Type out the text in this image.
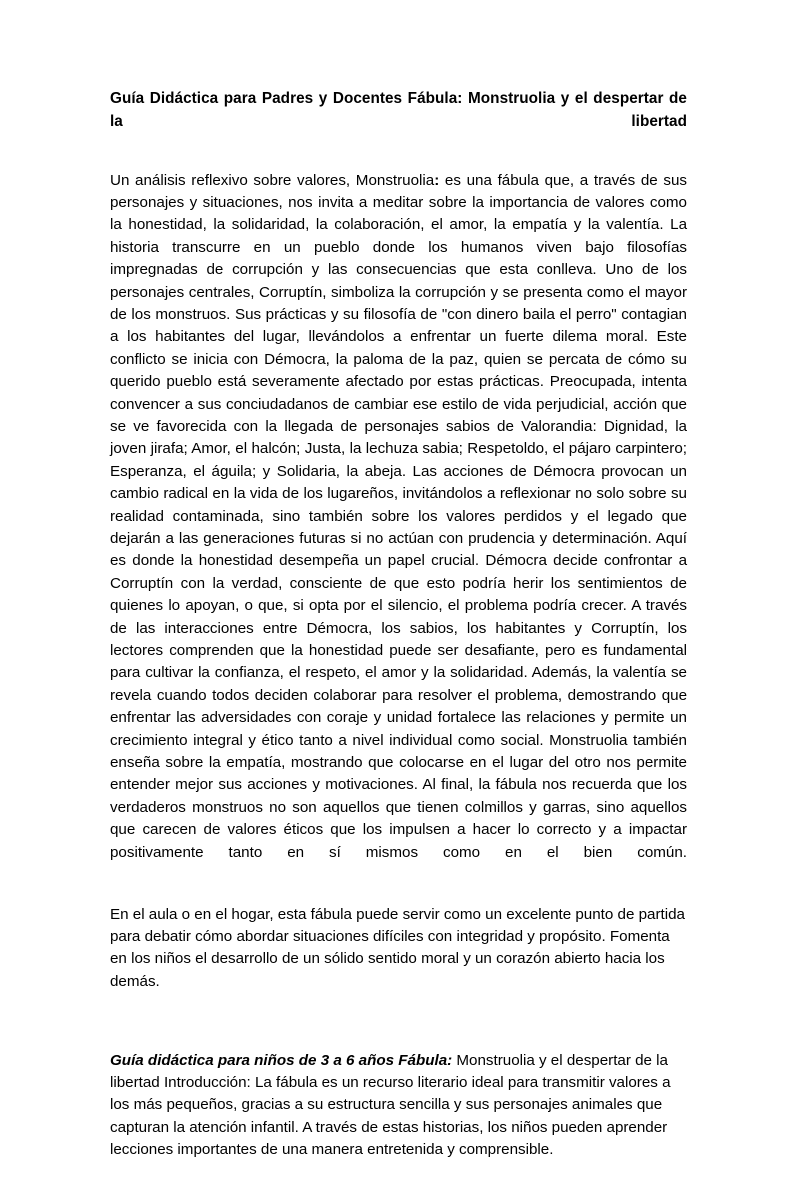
Guía Didáctica para Padres y Docentes Fábula: Monstruolia y el despertar de la libertad

Un análisis reflexivo sobre valores, Monstruolia: es una fábula que, a través de sus personajes y situaciones, nos invita a meditar sobre la importancia de valores como la honestidad, la solidaridad, la colaboración, el amor, la empatía y la valentía. La historia transcurre en un pueblo donde los humanos viven bajo filosofías impregnadas de corrupción y las consecuencias que esta conlleva. Uno de los personajes centrales, Corruptín, simboliza la corrupción y se presenta como el mayor de los monstruos. Sus prácticas y su filosofía de "con dinero baila el perro" contagian a los habitantes del lugar, llevándolos a enfrentar un fuerte dilema moral. Este conflicto se inicia con Démocra, la paloma de la paz, quien se percata de cómo su querido pueblo está severamente afectado por estas prácticas. Preocupada, intenta convencer a sus conciudadanos de cambiar ese estilo de vida perjudicial, acción que se ve favorecida con la llegada de personajes sabios de Valorandia: Dignidad, la joven jirafa; Amor, el halcón; Justa, la lechuza sabia; Respetoldo, el pájaro carpintero; Esperanza, el águila; y Solidaria, la abeja. Las acciones de Démocra provocan un cambio radical en la vida de los lugareños, invitándolos a reflexionar no solo sobre su realidad contaminada, sino también sobre los valores perdidos y el legado que dejarán a las generaciones futuras si no actúan con prudencia y determinación. Aquí es donde la honestidad desempeña un papel crucial. Démocra decide confrontar a Corruptín con la verdad, consciente de que esto podría herir los sentimientos de quienes lo apoyan, o que, si opta por el silencio, el problema podría crecer. A través de las interacciones entre Démocra, los sabios, los habitantes y Corruptín, los lectores comprenden que la honestidad puede ser desafiante, pero es fundamental para cultivar la confianza, el respeto, el amor y la solidaridad. Además, la valentía se revela cuando todos deciden colaborar para resolver el problema, demostrando que enfrentar las adversidades con coraje y unidad fortalece las relaciones y permite un crecimiento integral y ético tanto a nivel individual como social. Monstruolia también enseña sobre la empatía, mostrando que colocarse en el lugar del otro nos permite entender mejor sus acciones y motivaciones. Al final, la fábula nos recuerda que los verdaderos monstruos no son aquellos que tienen colmillos y garras, sino aquellos que carecen de valores éticos que los impulsen a hacer lo correcto y a impactar positivamente tanto en sí mismos como en el bien común.

En el aula o en el hogar, esta fábula puede servir como un excelente punto de partida para debatir cómo abordar situaciones difíciles con integridad y propósito. Fomenta en los niños el desarrollo de un sólido sentido moral y un corazón abierto hacia los demás.

Guía didáctica para niños de 3 a 6 años Fábula: Monstruolia y el despertar de la libertad Introducción: La fábula es un recurso literario ideal para transmitir valores a los más pequeños, gracias a su estructura sencilla y sus personajes animales que capturan la atención infantil. A través de estas historias, los niños pueden aprender lecciones importantes de una manera entretenida y comprensible.
